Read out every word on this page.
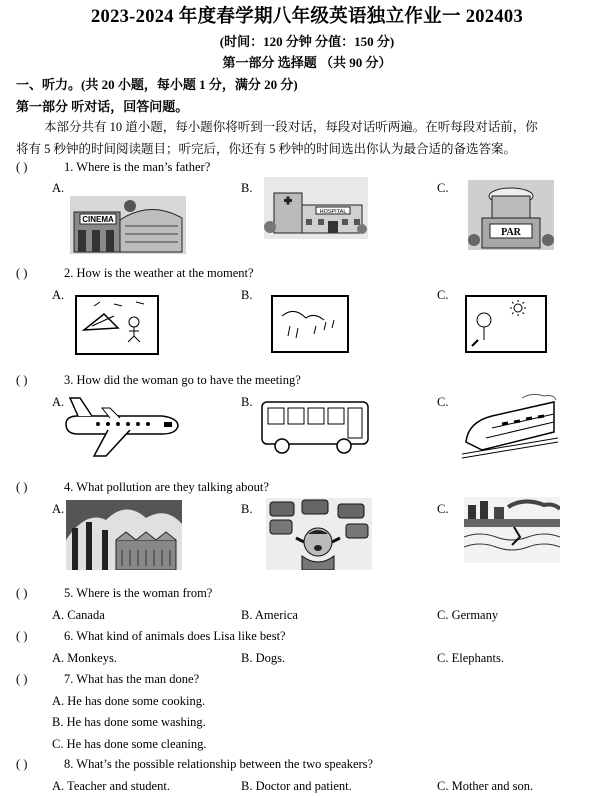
2023-2024 年度春学期八年级英语独立作业一 202403
(时间：120 分钟 分值：150 分)
第一部分 选择题 （共 90 分）
一、听力。(共 20 小题，每小题 1 分，满分 20 分)
第一部分 听对话，回答问题。
本部分共有 10 道小题，每小题你将听到一段对话，每段对话听两遍。在听每段对话前，你
将有 5 秒钟的时间阅读题目；听完后，你还有 5 秒钟的时间选出你认为最合适的备选答案。
( )	1. Where is the man’s father?
A.	B.	C.
CINEMA
HOSPITAL
PAR
( )	2. How is the weather at the moment?
A.	B.	C.
( )	3. How did the woman go to have the meeting?
A.	B.	C.
( )	4. What pollution are they talking about?
A.	B.	C.
( )	5. Where is the woman from?
A. Canada	B. America	C. Germany
( )	6. What kind of animals does Lisa like best?
A. Monkeys.	B. Dogs.	C. Elephants.
( )	7. What has the man done?
A. He has done some cooking.
B. He has done some washing.
C. He has done some cleaning.
( )	8. What’s the possible relationship between the two speakers?
A. Teacher and student.	B. Doctor and patient.	C. Mother and son.
